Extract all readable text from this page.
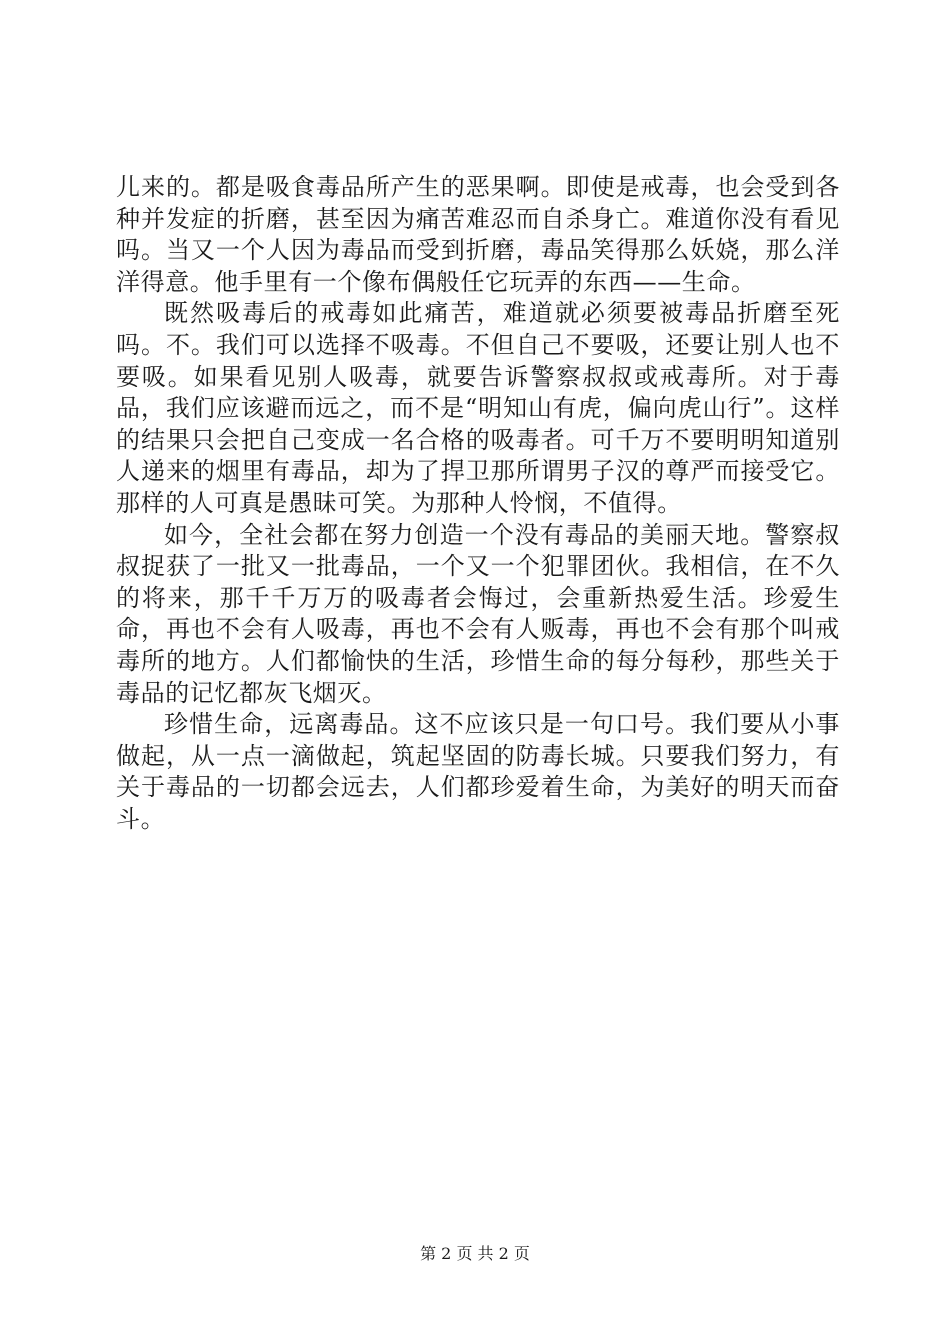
儿来的。都是吸食毒品所产生的恶果啊。即使是戒毒，也会受到各种并发症的折磨，甚至因为痛苦难忍而自杀身亡。难道你没有看见吗。当又一个人因为毒品而受到折磨，毒品笑得那么妖娆，那么洋洋得意。他手里有一个像布偶般任它玩弄的东西——生命。

既然吸毒后的戒毒如此痛苦，难道就必须要被毒品折磨至死吗。不。我们可以选择不吸毒。不但自己不要吸，还要让别人也不要吸。如果看见别人吸毒，就要告诉警察叔叔或戒毒所。对于毒品，我们应该避而远之，而不是“明知山有虎，偏向虎山行”。这样的结果只会把自己变成一名合格的吸毒者。可千万不要明明知道别人递来的烟里有毒品，却为了捍卫那所谓男子汉的尊严而接受它。那样的人可真是愚昧可笑。为那种人怜悯，不值得。

如今，全社会都在努力创造一个没有毒品的美丽天地。警察叔叔捉获了一批又一批毒品，一个又一个犯罪团伙。我相信，在不久的将来，那千千万万的吸毒者会悔过，会重新热爱生活。珍爱生命，再也不会有人吸毒，再也不会有人贩毒，再也不会有那个叫戒毒所的地方。人们都愉快的生活，珍惜生命的每分每秒，那些关于毒品的记忆都灰飞烟灭。

珍惜生命，远离毒品。这不应该只是一句口号。我们要从小事做起，从一点一滴做起，筑起坚固的防毒长城。只要我们努力，有关于毒品的一切都会远去，人们都珍爱着生命，为美好的明天而奋斗。

第 2 页 共 2 页
